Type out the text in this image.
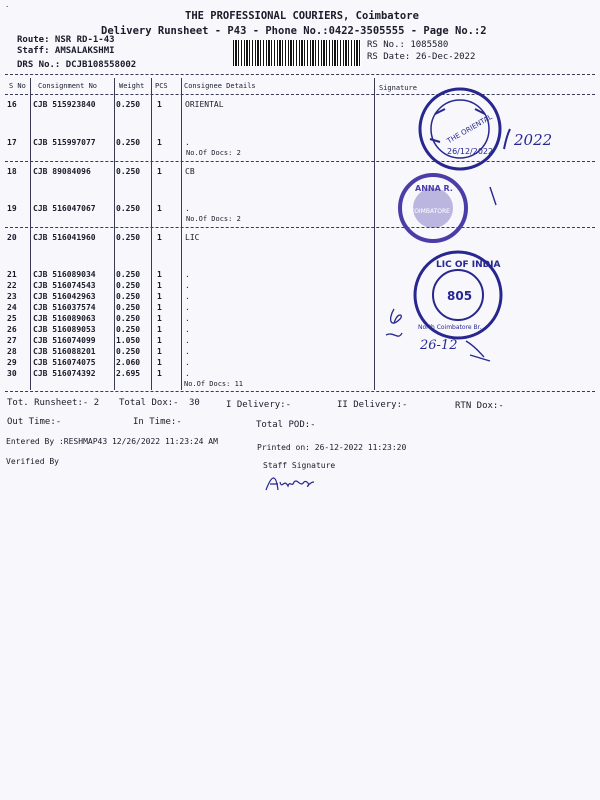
·
THE PROFESSIONAL COURIERS, Coimbatore
Delivery Runsheet - P43 - Phone No.:0422-3505555 - Page No.:2
Route: NSR RD-1-43
Staff: AMSALAKSHMI
DRS No.: DCJB108558002
RS No.: 1085580
RS Date: 26-Dec-2022
S No Consignment No	Weight PCS Consignee Details	Signature
16 CJB 515923840	0.250 1	ORIENTAL
17 CJB 515997077	0.250 1	.
No.Of Docs: 2
18 CJB 89084096	0.250 1	CB
19 CJB 516047067	0.250 1	.
No.Of Docs: 2
20 CJB 516041960	0.250 1	LIC
21 CJB 516089034	0.250 1	.
22 CJB 516074543	0.250 1	.
23 CJB 516042963	0.250 1	.
24 CJB 516037574	0.250 1	.
25 CJB 516089063	0.250 1	.
26 CJB 516089053	0.250 1	.
27 CJB 516074099	1.050 1	.
28 CJB 516088201	0.250 1	.
29 CJB 516074075	2.060 1	.
30 CJB 516074392	2.695 1	.
No.Of Docs: 11
Tot. Runsheet:- 2 Total Dox:- 30	I Delivery:-	II Delivery:-	RTN Dox:-
Out Time:-	In Time:-	Total POD:-
Entered By :RESHMAP43 12/26/2022 11:23:24 AM
Printed on: 26-12-2022 11:23:20
Verified By	Staff Signature
THE ORIENTAL
26/12/2022
2022
ANNA R.
COIMBATORE
LIC OF INDIA
805
North Coimbatore Br.
26-12
